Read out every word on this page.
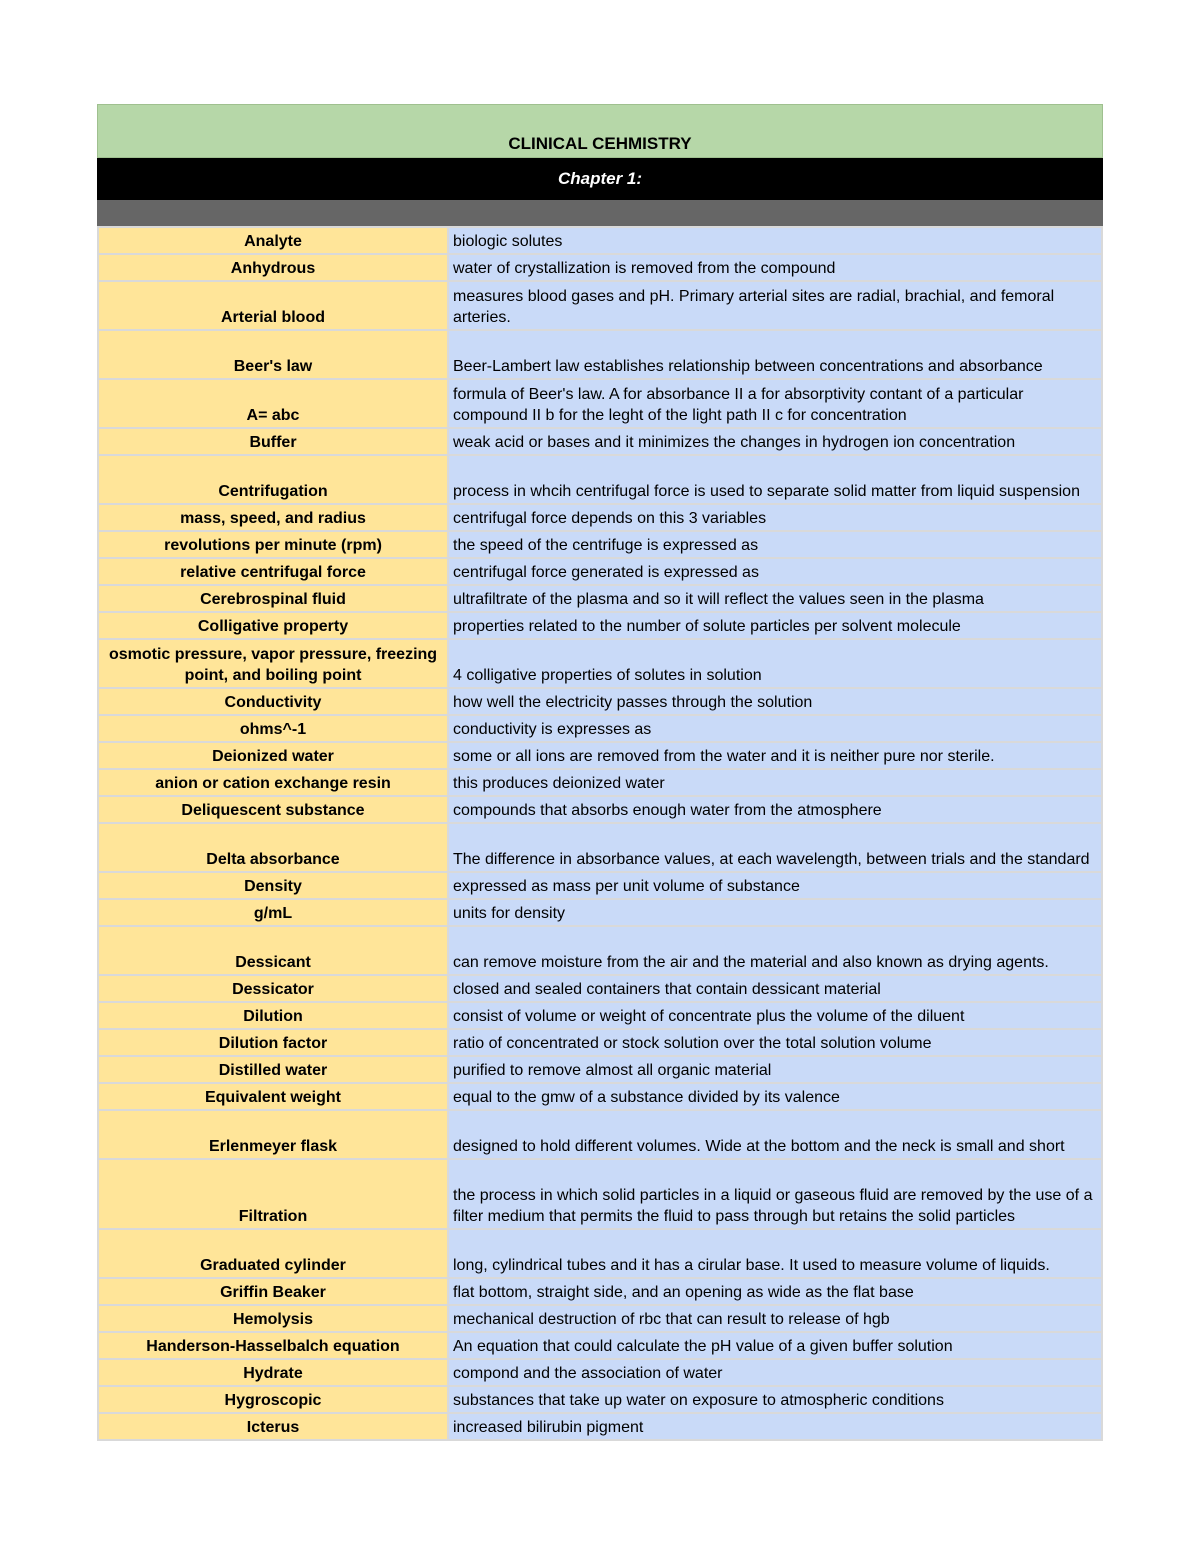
CLINICAL CEHMISTRY
Chapter 1:
Analyte	biologic solutes
Anhydrous	water of crystallization is removed from the compound
Arterial blood	measures blood gases and pH. Primary arterial sites are radial, brachial, and femoral arteries.
Beer's law	Beer-Lambert law establishes relationship between concentrations and absorbance
A= abc	formula of Beer's law. A for absorbance II a for absorptivity contant of a particular compound II b for the leght of the light path II c for concentration
Buffer	weak acid or bases and it minimizes the changes in hydrogen ion concentration
Centrifugation	process in whcih centrifugal force is used to separate solid matter from liquid suspension
mass, speed, and radius	centrifugal force depends on this 3 variables
revolutions per minute (rpm)	the speed of the centrifuge is expressed as
relative centrifugal force	centrifugal force generated is expressed as
Cerebrospinal fluid	ultrafiltrate of the plasma and so it will reflect the values seen in the plasma
Colligative property	properties related to the number of solute particles per solvent molecule
osmotic pressure, vapor pressure, freezing point, and boiling point	4 colligative properties of solutes in solution
Conductivity	how well the electricity passes through the solution
ohms^-1	conductivity is expresses as
Deionized water	some or all ions are removed from the water and it is neither pure nor sterile.
anion or cation exchange resin	this produces deionized water
Deliquescent substance	compounds that absorbs enough water from the atmosphere
Delta absorbance	The difference in absorbance values, at each wavelength, between trials and the standard
Density	expressed as mass per unit volume of substance
g/mL	units for density
Dessicant	can remove moisture from the air and the material and also known as drying agents.
Dessicator	closed and sealed containers that contain dessicant material
Dilution	consist of volume or weight of concentrate plus the volume of the diluent
Dilution factor	ratio of concentrated or stock solution over the total solution volume
Distilled water	purified to remove almost all organic material
Equivalent weight	equal to the gmw of a substance divided by its valence
Erlenmeyer flask	designed to hold different volumes. Wide at the bottom and the neck is small and short
Filtration	the process in which solid particles in a liquid or gaseous fluid are removed by the use of a filter medium that permits the fluid to pass through but retains the solid particles
Graduated cylinder	long, cylindrical tubes and it has a cirular base. It used to measure volume of liquids.
Griffin Beaker	flat bottom, straight side, and an opening as wide as the flat base
Hemolysis	mechanical destruction of rbc that can result to release of hgb
Handerson-Hasselbalch equation	An equation that could calculate the pH value of a given buffer solution
Hydrate	compond and the association of water
Hygroscopic	substances that take up water on exposure to atmospheric conditions
Icterus	increased bilirubin pigment
